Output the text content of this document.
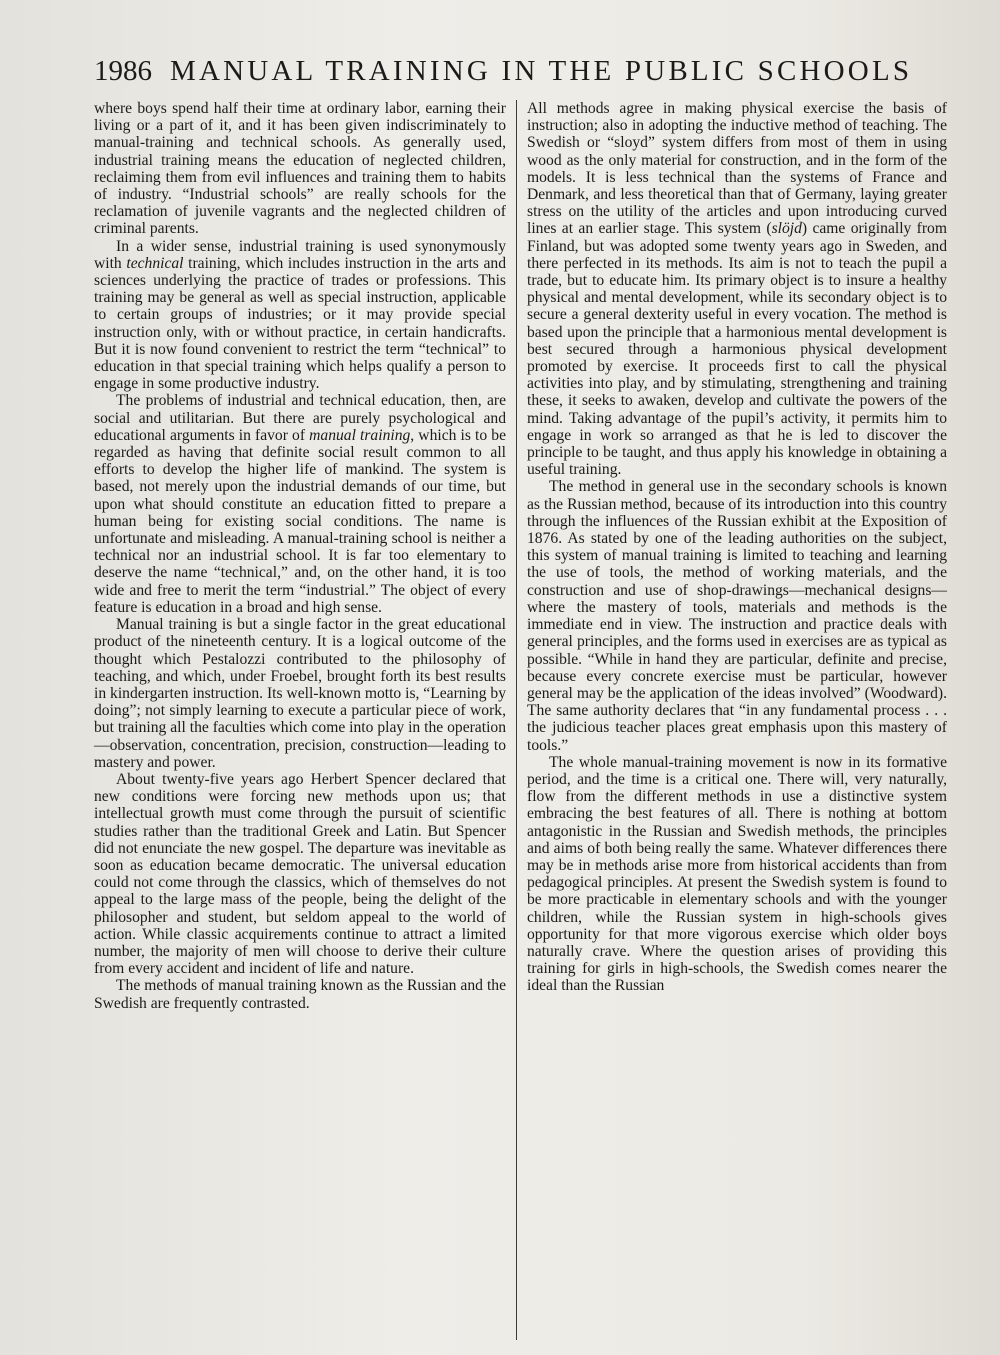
1986 MANUAL TRAINING IN THE PUBLIC SCHOOLS

where boys spend half their time at ordinary labor, earning their living or a part of it, and it has been given indiscriminately to manual-training and technical schools. As generally used, industrial training means the education of neglected children, reclaiming them from evil influences and training them to habits of industry. “Industrial schools” are really schools for the reclamation of juvenile vagrants and the neglected children of criminal parents.

In a wider sense, industrial training is used synonymously with technical training, which includes instruction in the arts and sciences underlying the practice of trades or professions. This training may be general as well as special instruction, applicable to certain groups of industries; or it may provide special instruction only, with or without practice, in certain handicrafts. But it is now found convenient to restrict the term “technical” to education in that special training which helps qualify a person to engage in some productive industry.

The problems of industrial and technical education, then, are social and utilitarian. But there are purely psychological and educational arguments in favor of manual training, which is to be regarded as having that definite social result common to all efforts to develop the higher life of mankind. The system is based, not merely upon the industrial demands of our time, but upon what should constitute an education fitted to prepare a human being for existing social conditions. The name is unfortunate and misleading. A manual-training school is neither a technical nor an industrial school. It is far too elementary to deserve the name “technical,” and, on the other hand, it is too wide and free to merit the term “industrial.” The object of every feature is education in a broad and high sense.

Manual training is but a single factor in the great educational product of the nineteenth century. It is a logical outcome of the thought which Pestalozzi contributed to the philosophy of teaching, and which, under Froebel, brought forth its best results in kindergarten instruction. Its well-known motto is, “Learning by doing”; not simply learning to execute a particular piece of work, but training all the faculties which come into play in the operation—observation, concentration, precision, construction—leading to mastery and power.

About twenty-five years ago Herbert Spencer declared that new conditions were forcing new methods upon us; that intellectual growth must come through the pursuit of scientific studies rather than the traditional Greek and Latin. But Spencer did not enunciate the new gospel. The departure was inevitable as soon as education became democratic. The universal education could not come through the classics, which of themselves do not appeal to the large mass of the people, being the delight of the philosopher and student, but seldom appeal to the world of action. While classic acquirements continue to attract a limited number, the majority of men will choose to derive their culture from every accident and incident of life and nature.

The methods of manual training known as the Russian and the Swedish are frequently contrasted.

All methods agree in making physical exercise the basis of instruction; also in adopting the inductive method of teaching. The Swedish or “sloyd” system differs from most of them in using wood as the only material for construction, and in the form of the models. It is less technical than the systems of France and Denmark, and less theoretical than that of Germany, laying greater stress on the utility of the articles and upon introducing curved lines at an earlier stage. This system (slöjd) came originally from Finland, but was adopted some twenty years ago in Sweden, and there perfected in its methods. Its aim is not to teach the pupil a trade, but to educate him. Its primary object is to insure a healthy physical and mental development, while its secondary object is to secure a general dexterity useful in every vocation. The method is based upon the principle that a harmonious mental development is best secured through a harmonious physical development promoted by exercise. It proceeds first to call the physical activities into play, and by stimulating, strengthening and training these, it seeks to awaken, develop and cultivate the powers of the mind. Taking advantage of the pupil’s activity, it permits him to engage in work so arranged as that he is led to discover the principle to be taught, and thus apply his knowledge in obtaining a useful training.

The method in general use in the secondary schools is known as the Russian method, because of its introduction into this country through the influences of the Russian exhibit at the Exposition of 1876. As stated by one of the leading authorities on the subject, this system of manual training is limited to teaching and learning the use of tools, the method of working materials, and the construction and use of shop-drawings—mechanical designs—where the mastery of tools, materials and methods is the immediate end in view. The instruction and practice deals with general principles, and the forms used in exercises are as typical as possible. “While in hand they are particular, definite and precise, because every concrete exercise must be particular, however general may be the application of the ideas involved” (Woodward). The same authority declares that “in any fundamental process . . . the judicious teacher places great emphasis upon this mastery of tools.”

The whole manual-training movement is now in its formative period, and the time is a critical one. There will, very naturally, flow from the different methods in use a distinctive system embracing the best features of all. There is nothing at bottom antagonistic in the Russian and Swedish methods, the principles and aims of both being really the same. Whatever differences there may be in methods arise more from historical accidents than from pedagogical principles. At present the Swedish system is found to be more practicable in elementary schools and with the younger children, while the Russian system in high-schools gives opportunity for that more vigorous exercise which older boys naturally crave. Where the question arises of providing this training for girls in high-schools, the Swedish comes nearer the ideal than the Russian
